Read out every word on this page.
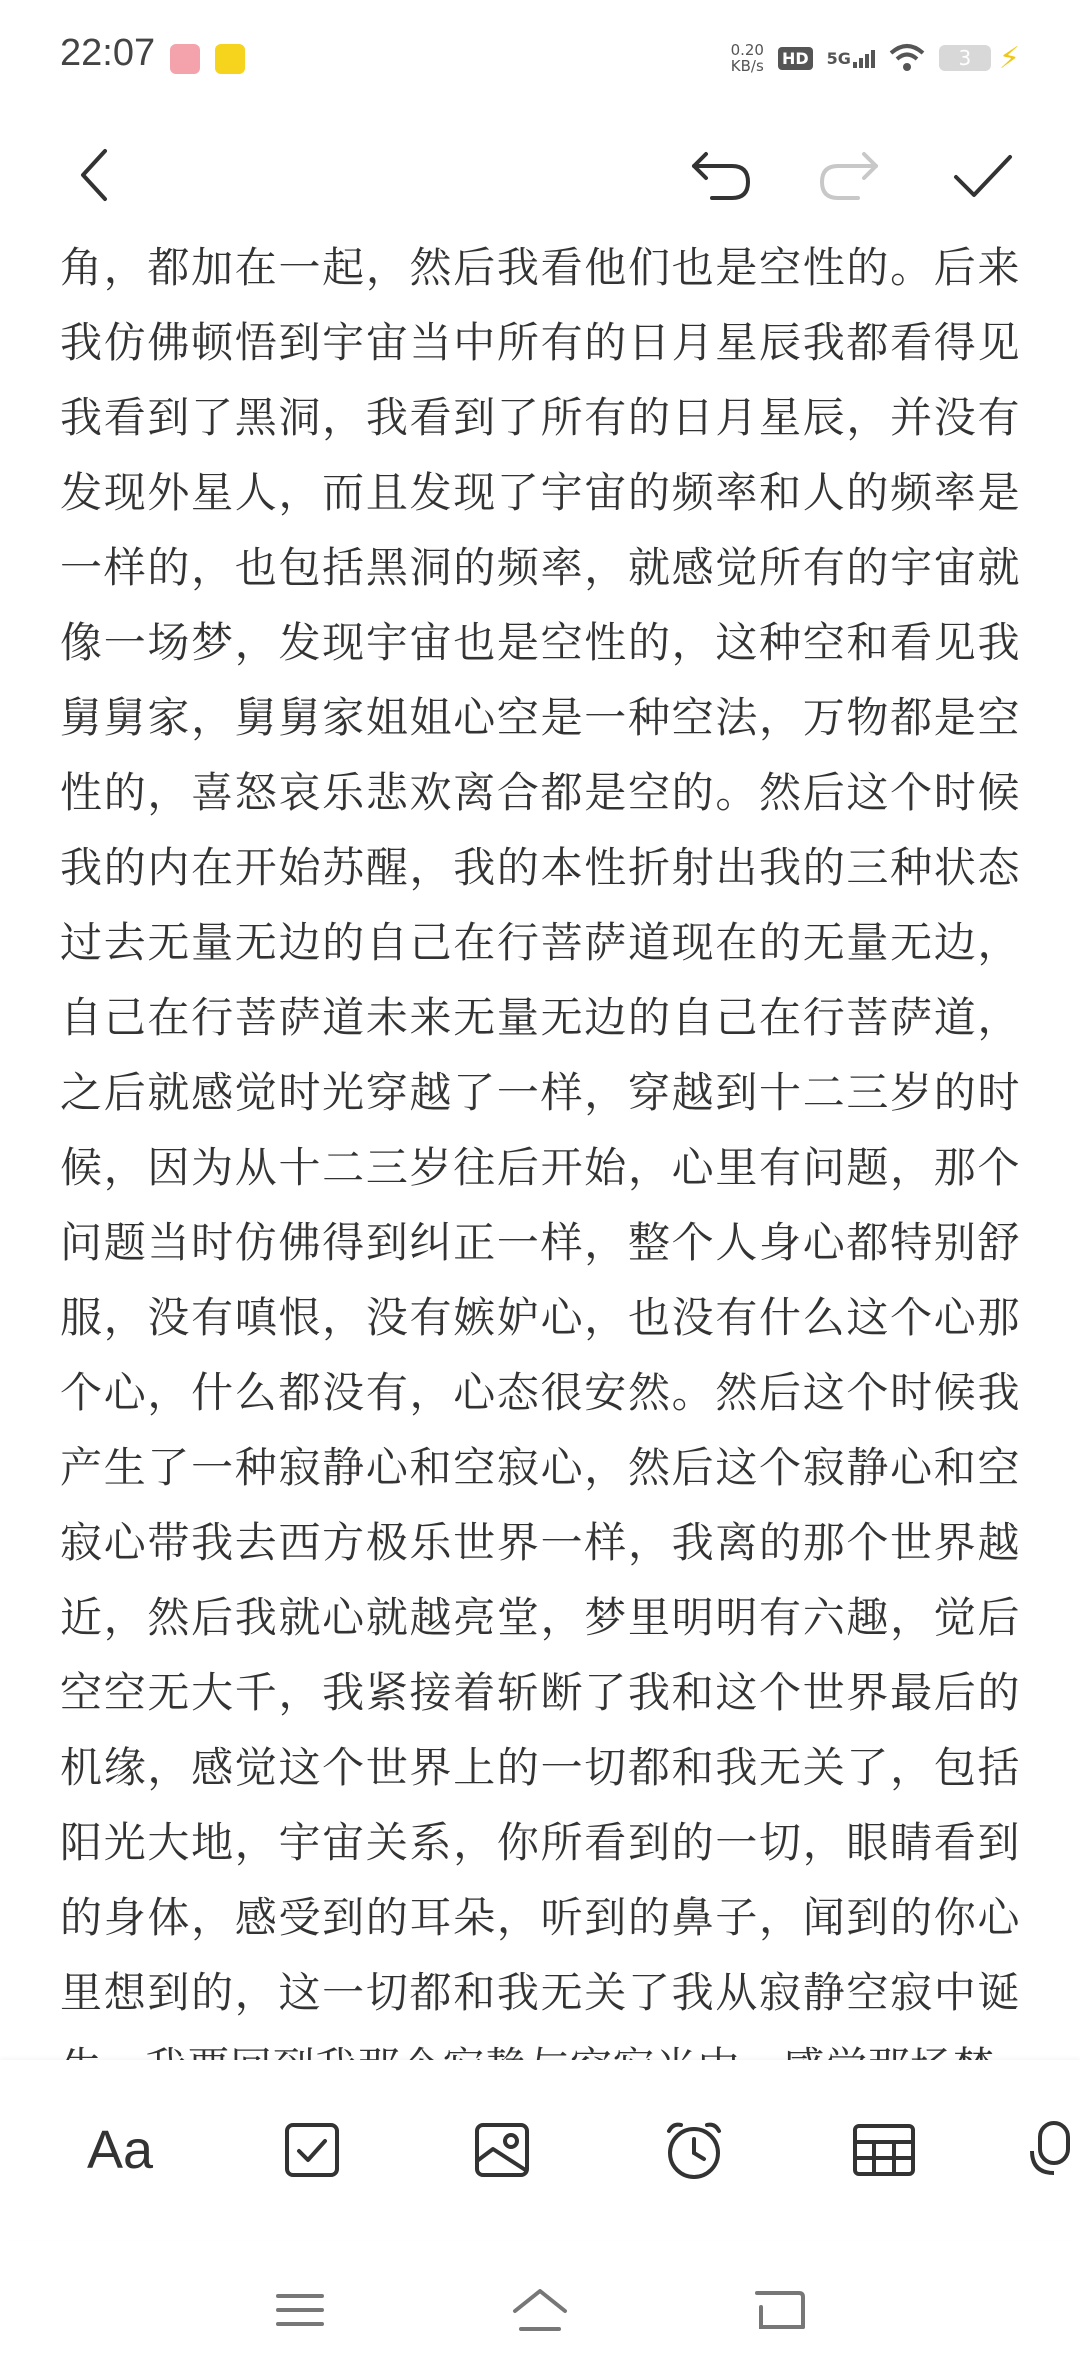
22:07	0.20
KB/s HD 5G	3 ⚡

角，都加在一起，然后我看他们也是空性的。后来我仿佛顿悟到宇宙当中所有的日月星辰我都看得见我看到了黑洞，我看到了所有的日月星辰，并没有发现外星人，而且发现了宇宙的频率和人的频率是一样的，也包括黑洞的频率，就感觉所有的宇宙就像一场梦，发现宇宙也是空性的，这种空和看见我舅舅家，舅舅家姐姐心空是一种空法，万物都是空性的，喜怒哀乐悲欢离合都是空的。然后这个时候我的内在开始苏醒，我的本性折射出我的三种状态过去无量无边的自己在行菩萨道现在的无量无边，自己在行菩萨道未来无量无边的自己在行菩萨道，之后就感觉时光穿越了一样，穿越到十二三岁的时候，因为从十二三岁往后开始，心里有问题，那个问题当时仿佛得到纠正一样，整个人身心都特别舒服，没有嗔恨，没有嫉妒心，也没有什么这个心那个心，什么都没有，心态很安然。然后这个时候我产生了一种寂静心和空寂心，然后这个寂静心和空寂心带我去西方极乐世界一样，我离的那个世界越近，然后我就心就越亮堂，梦里明明有六趣，觉后空空无大千，我紧接着斩断了我和这个世界最后的机缘，感觉这个世界上的一切都和我无关了，包括阳光大地，宇宙关系，你所看到的一切，眼睛看到的身体，感受到的耳朵，听到的鼻子，闻到的你心里想到的，这一切都和我无关了我从寂静空寂中诞

Aa
